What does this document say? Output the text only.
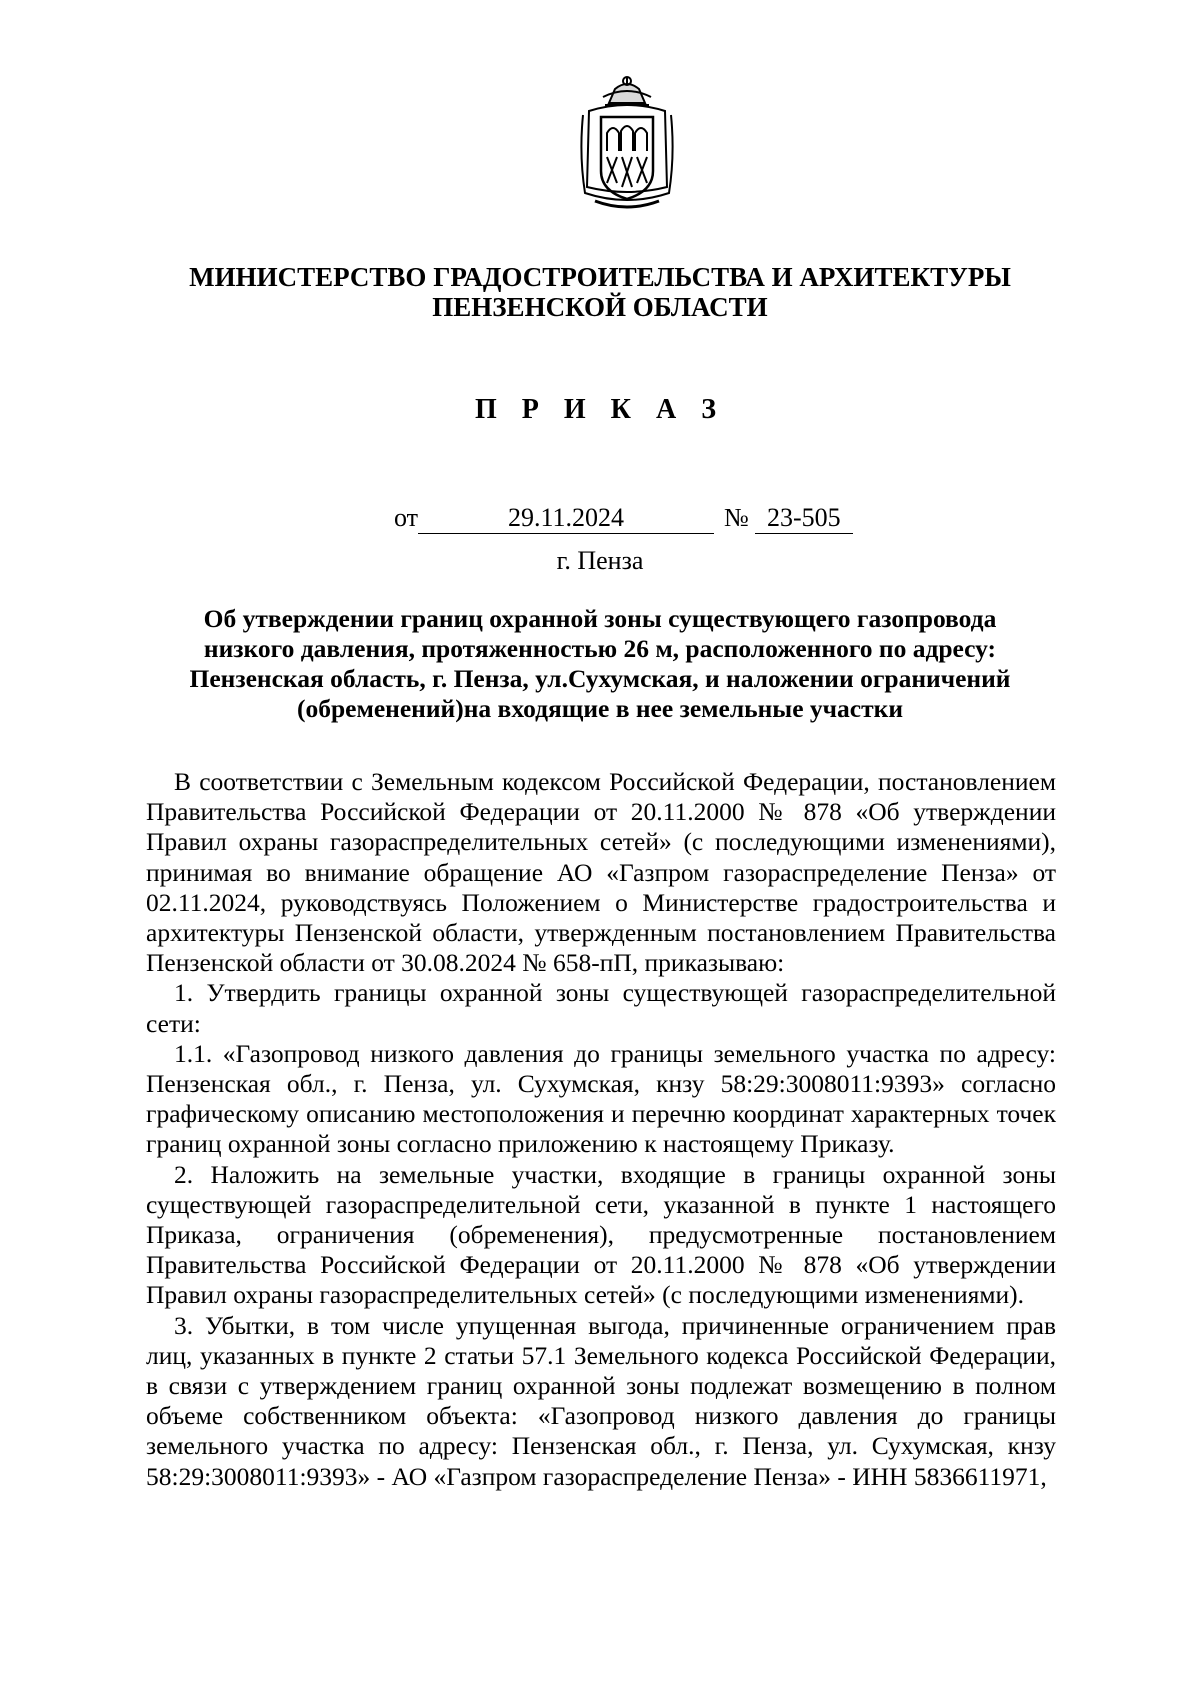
МИНИСТЕРСТВО ГРАДОСТРОИТЕЛЬСТВА И АРХИТЕКТУРЫ
ПЕНЗЕНСКОЙ ОБЛАСТИ
П Р И К А З
от	29.11.2024	№ 23-505
г. Пенза
Об утверждении границ охранной зоны существующего газопровода
низкого давления, протяженностью 26 м, расположенного по адресу:
Пензенская область, г. Пенза, ул.Сухумская, и наложении ограничений
(обременений)на входящие в нее земельные участки

В соответствии с Земельным кодексом Российской Федерации, постановлением Правительства Российской Федерации от 20.11.2000 № 878 «Об утверждении Правил охраны газораспределительных сетей» (с последующими изменениями), принимая во внимание обращение АО «Газпром газораспределение Пенза» от 02.11.2024, руководствуясь Положением о Министерстве градостроительства и архитектуры Пензенской области, утвержденным постановлением Правительства Пензенской области от 30.08.2024 № 658-пП, приказываю:

1. Утвердить границы охранной зоны существующей газораспределительной сети:

1.1. «Газопровод низкого давления до границы земельного участка по адресу: Пензенская обл., г. Пенза, ул. Сухумская, кнзу 58:29:3008011:9393» согласно графическому описанию местоположения и перечню координат характерных точек границ охранной зоны согласно приложению к настоящему Приказу.

2. Наложить на земельные участки, входящие в границы охранной зоны существующей газораспределительной сети, указанной в пункте 1 настоящего Приказа, ограничения (обременения), предусмотренные постановлением Правительства Российской Федерации от 20.11.2000 № 878 «Об утверждении Правил охраны газораспределительных сетей» (с последующими изменениями).

3. Убытки, в том числе упущенная выгода, причиненные ограничением прав лиц, указанных в пункте 2 статьи 57.1 Земельного кодекса Российской Федерации, в связи с утверждением границ охранной зоны подлежат возмещению в полном объеме собственником объекта: «Газопровод низкого давления до границы земельного участка по адресу: Пензенская обл., г. Пенза, ул. Сухумская, кнзу 58:29:3008011:9393» - АО «Газпром газораспределение Пенза» - ИНН 5836611971,
